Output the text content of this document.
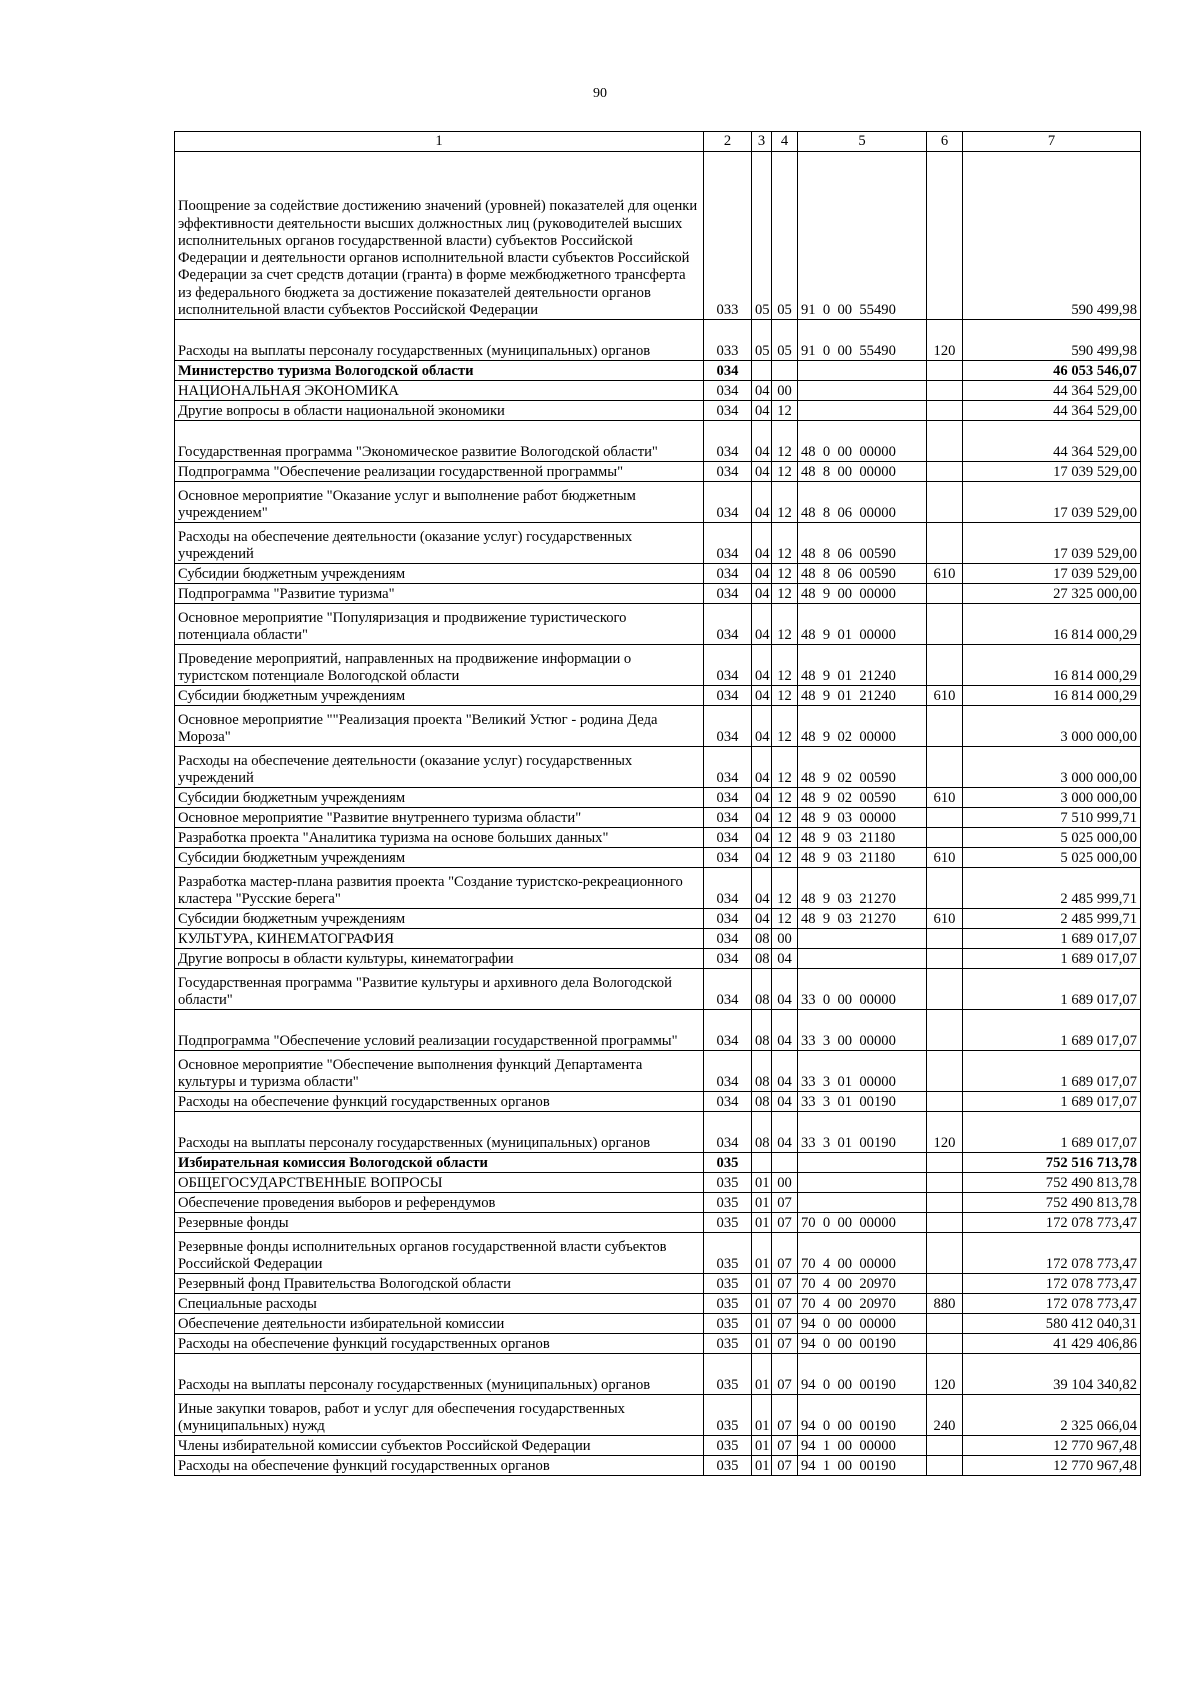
90
1	2	3	4	5	6	7
Поощрение за содействие достижению значений (уровней) показателей для оценки эффективности деятельности высших должностных лиц (руководителей высших исполнительных органов государственной власти) субъектов Российской Федерации и деятельности органов исполнительной власти субъектов Российской Федерации за счет средств дотации (гранта) в форме межбюджетного трансферта из федерального бюджета за достижение показателей деятельности органов исполнительной власти субъектов Российской Федерации	033	05	05	91  0  00  55490		590 499,98
Расходы на выплаты персоналу государственных (муниципальных) органов	033	05	05	91  0  00  55490	120	590 499,98
Министерство туризма Вологодской области	034					46 053 546,07
НАЦИОНАЛЬНАЯ ЭКОНОМИКА	034	04	00			44 364 529,00
Другие вопросы в области национальной экономики	034	04	12			44 364 529,00
Государственная программа "Экономическое развитие Вологодской области"	034	04	12	48  0  00  00000		44 364 529,00
Подпрограмма "Обеспечение реализации государственной программы"	034	04	12	48  8  00  00000		17 039 529,00
Основное мероприятие "Оказание услуг и выполнение работ бюджетным учреждением"	034	04	12	48  8  06  00000		17 039 529,00
Расходы на обеспечение деятельности (оказание услуг) государственных учреждений	034	04	12	48  8  06  00590		17 039 529,00
Субсидии бюджетным учреждениям	034	04	12	48  8  06  00590	610	17 039 529,00
Подпрограмма "Развитие туризма"	034	04	12	48  9  00  00000		27 325 000,00
Основное мероприятие "Популяризация и продвижение туристического потенциала области"	034	04	12	48  9  01  00000		16 814 000,29
Проведение мероприятий, направленных на продвижение информации о туристском потенциале Вологодской области	034	04	12	48  9  01  21240		16 814 000,29
Субсидии бюджетным учреждениям	034	04	12	48  9  01  21240	610	16 814 000,29
Основное мероприятие ""Реализация проекта "Великий Устюг - родина Деда Мороза"	034	04	12	48  9  02  00000		3 000 000,00
Расходы на обеспечение деятельности (оказание услуг) государственных учреждений	034	04	12	48  9  02  00590		3 000 000,00
Субсидии бюджетным учреждениям	034	04	12	48  9  02  00590	610	3 000 000,00
Основное мероприятие "Развитие внутреннего туризма области"	034	04	12	48  9  03  00000		7 510 999,71
Разработка проекта "Аналитика туризма на основе больших данных"	034	04	12	48  9  03  21180		5 025 000,00
Субсидии бюджетным учреждениям	034	04	12	48  9  03  21180	610	5 025 000,00
Разработка мастер-плана развития проекта "Создание туристско-рекреационного кластера "Русские берега"	034	04	12	48  9  03  21270		2 485 999,71
Субсидии бюджетным учреждениям	034	04	12	48  9  03  21270	610	2 485 999,71
КУЛЬТУРА, КИНЕМАТОГРАФИЯ	034	08	00			1 689 017,07
Другие вопросы в области культуры, кинематографии	034	08	04			1 689 017,07
Государственная программа "Развитие культуры и архивного дела Вологодской области"	034	08	04	33  0  00  00000		1 689 017,07
Подпрограмма "Обеспечение условий реализации государственной программы"	034	08	04	33  3  00  00000		1 689 017,07
Основное мероприятие "Обеспечение выполнения функций Департамента культуры и туризма области"	034	08	04	33  3  01  00000		1 689 017,07
Расходы на обеспечение функций государственных органов	034	08	04	33  3  01  00190		1 689 017,07
Расходы на выплаты персоналу государственных (муниципальных) органов	034	08	04	33  3  01  00190	120	1 689 017,07
Избирательная комиссия Вологодской области	035					752 516 713,78
ОБЩЕГОСУДАРСТВЕННЫЕ ВОПРОСЫ	035	01	00			752 490 813,78
Обеспечение проведения выборов и референдумов	035	01	07			752 490 813,78
Резервные фонды	035	01	07	70  0  00  00000		172 078 773,47
Резервные фонды исполнительных органов государственной власти субъектов Российской Федерации	035	01	07	70  4  00  00000		172 078 773,47
Резервный фонд Правительства Вологодской области	035	01	07	70  4  00  20970		172 078 773,47
Специальные расходы	035	01	07	70  4  00  20970	880	172 078 773,47
Обеспечение деятельности избирательной комиссии	035	01	07	94  0  00  00000		580 412 040,31
Расходы на обеспечение функций государственных органов	035	01	07	94  0  00  00190		41 429 406,86
Расходы на выплаты персоналу государственных (муниципальных) органов	035	01	07	94  0  00  00190	120	39 104 340,82
Иные закупки товаров, работ и услуг для обеспечения государственных (муниципальных) нужд	035	01	07	94  0  00  00190	240	2 325 066,04
Члены избирательной комиссии субъектов Российской Федерации	035	01	07	94  1  00  00000		12 770 967,48
Расходы на обеспечение функций государственных органов	035	01	07	94  1  00  00190		12 770 967,48
